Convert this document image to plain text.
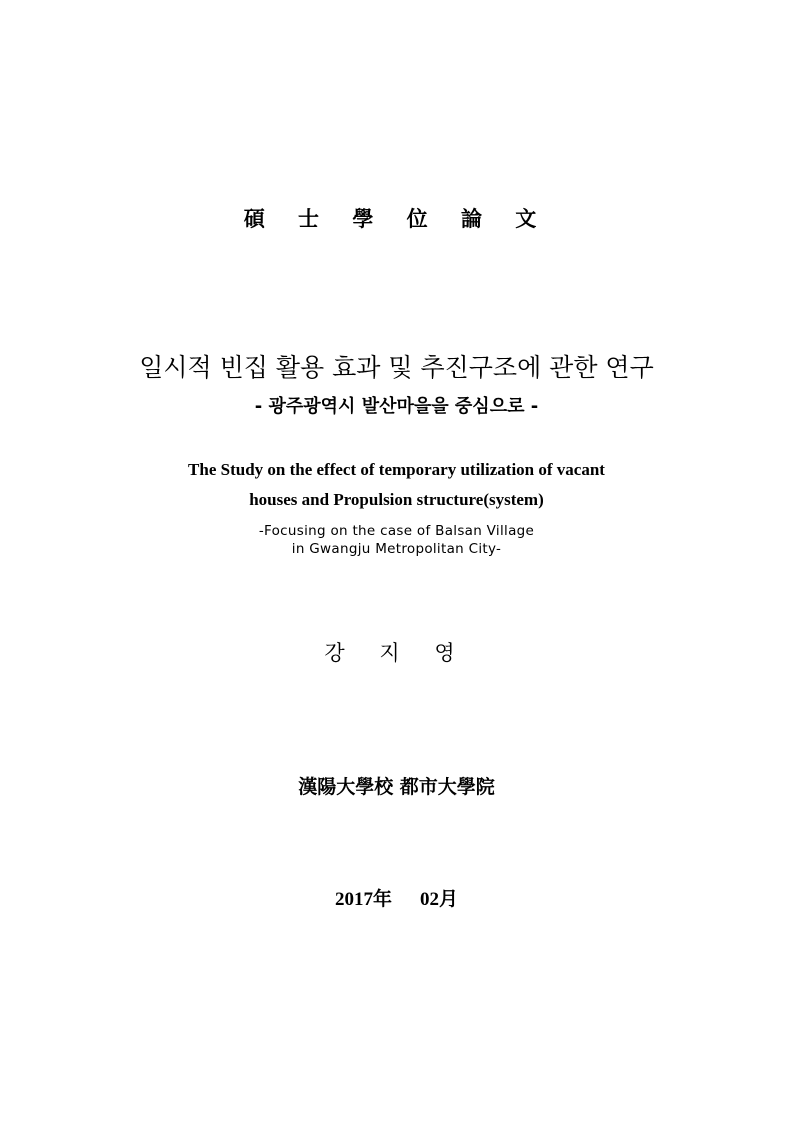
碩 士 學 位 論 文
일시적 빈집 활용 효과 및 추진구조에 관한 연구
- 광주광역시 발산마을을 중심으로 -
The Study on the effect of temporary utilization of vacant
houses and Propulsion structure(system)
-Focusing on the case of Balsan Village
in Gwangju Metropolitan City-
강 지 영
漢陽大學校 都市大學院
2017年 02月
